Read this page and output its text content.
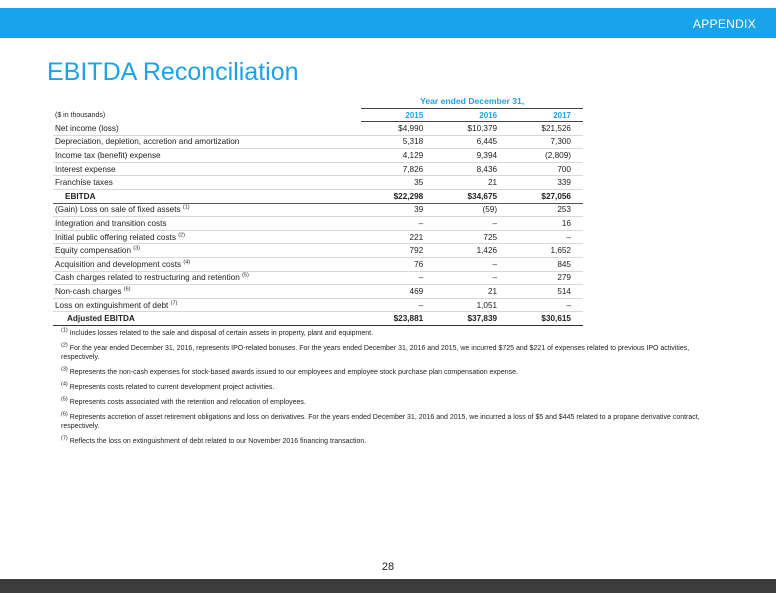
APPENDIX
EBITDA Reconciliation
	Year ended December 31,		
($ in thousands)	2015	2016	2017
Net income (loss)	$4,990	$10,379	$21,526
Depreciation, depletion, accretion and amortization	5,318	6,445	7,300
Income tax (benefit) expense	4,129	9,394	(2,809)
Interest expense	7,826	8,436	700
Franchise taxes	35	21	339
EBITDA	$22,298	$34,675	$27,056
(Gain) Loss on sale of fixed assets $^{(1)}$	39	(59)	253
Integration and transition costs	–	–	16
Initial public offering related costs $^{(2)}$	221	725	–
Equity compensation $^{(3)}$	792	1,426	1,652
Acquisition and development costs $^{(4)}$	76	–	845
Cash charges related to restructuring and retention $^{(5)}$	–	–	279
Non-cash charges $^{(6)}$	469	21	514
Loss on extinguishment of debt $^{(7)}$	–	1,051	–
Adjusted EBITDA	$23,881	$37,839	$30,615
$^{(1)}$ Includes losses related to the sale and disposal of certain assets in property, plant and equipment.
$^{(2)}$ For the year ended December 31, 2016, represents IPO-related bonuses. For the years ended December 31, 2016 and 2015, we incurred $725 and $221 of expenses related to previous IPO activities, respectively.
$^{(3)}$ Represents the non-cash expenses for stock-based awards issued to our employees and employee stock purchase plan compensation expense.
$^{(4)}$ Represents costs related to current development project activities.
$^{(5)}$ Represents costs associated with the retention and relocation of employees.
$^{(6)}$ Represents accretion of asset retirement obligations and loss on derivatives. For the years ended December 31, 2016 and 2015, we incurred a loss of $5 and $445 related to a propane derivative contract, respectively.
$^{(7)}$ Reflects the loss on extinguishment of debt related to our November 2016 financing transaction.
28
